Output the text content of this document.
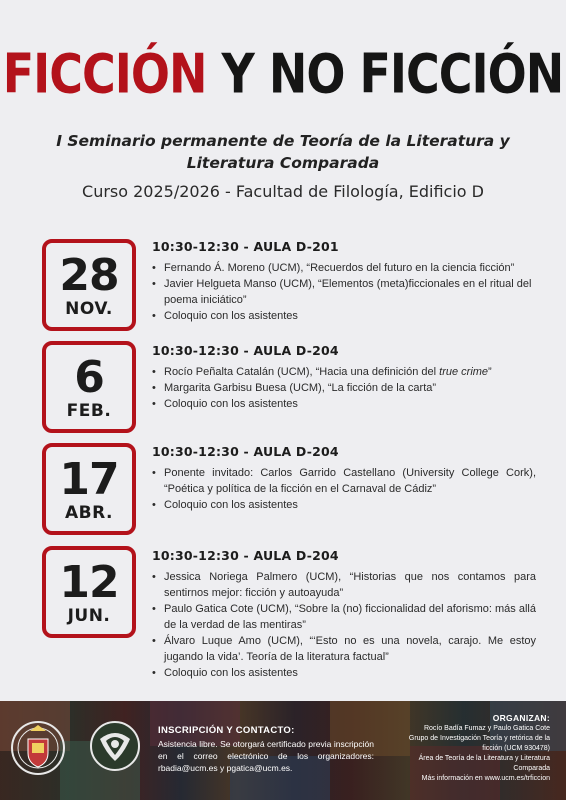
FICCIÓN Y NO FICCIÓN
I Seminario permanente de Teoría de la Literatura y
Literatura Comparada
Curso 2025/2026 - Facultad de Filología, Edificio D
28
NOV.
10:30-12:30 - AULA D-201
• Fernando Á. Moreno (UCM), “Recuerdos del futuro en la ciencia ficción”
• Javier Helgueta Manso (UCM), “Elementos (meta)ficcionales en el ritual del poema iniciático”
• Coloquio con los asistentes
6
FEB.
10:30-12:30 - AULA D-204
• Rocío Peñalta Catalán (UCM), “Hacia una definición del true crime”
• Margarita Garbisu Buesa (UCM), “La ficción de la carta”
• Coloquio con los asistentes
17
ABR.
10:30-12:30 - AULA D-204
• Ponente invitado: Carlos Garrido Castellano (University College Cork), “Poética y política de la ficción en el Carnaval de Cádiz”
• Coloquio con los asistentes
12
JUN.
10:30-12:30 - AULA D-204
• Jessica Noriega Palmero (UCM), “Historias que nos contamos para sentirnos mejor: ficción y autoayuda”
• Paulo Gatica Cote (UCM), “Sobre la (no) ficcionalidad del aforismo: más allá de la verdad de las mentiras”
• Álvaro Luque Amo (UCM), “‘Esto no es una novela, carajo. Me estoy jugando la vida’. Teoría de la literatura factual”
• Coloquio con los asistentes
INSCRIPCIÓN Y CONTACTO:
Asistencia libre. Se otorgará certificado previa inscripción en el correo electrónico de los organizadores: rbadia@ucm.es y pgatica@ucm.es.
ORGANIZAN:
Rocío Badía Fumaz y Paulo Gatica Cote
Grupo de Investigación Teoría y retórica de la
ficción (UCM 930478)
Área de Teoría de la Literatura y Literatura
Comparada
Más información en www.ucm.es/trficcion
